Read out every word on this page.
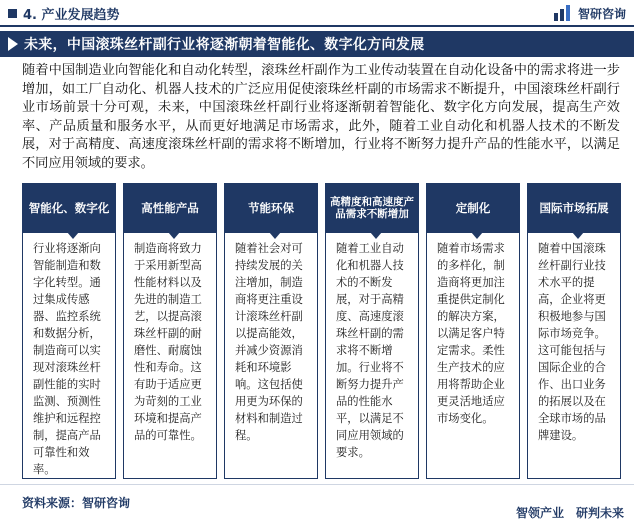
4. 产业发展趋势	智研咨询
未来，中国滚珠丝杆副行业将逐渐朝着智能化、数字化方向发展
随着中国制造业向智能化和自动化转型，滚珠丝杆副作为工业传动装置在自动化设备中的需求将进一步增加，如工厂自动化、机器人技术的广泛应用促使滚珠丝杆副的市场需求不断提升，中国滚珠丝杆副行业市场前景十分可观，未来，中国滚珠丝杆副行业将逐渐朝着智能化、数字化方向发展，提高生产效率、产品质量和服务水平，从而更好地满足市场需求，此外，随着工业自动化和机器人技术的不断发展，对于高精度、高速度滚珠丝杆副的需求将不断增加，行业将不断努力提升产品的性能水平，以满足不同应用领域的要求。
智能化、数字化
行业将逐渐向智能制造和数字化转型。通过集成传感器、监控系统和数据分析，制造商可以实现对滚珠丝杆副性能的实时监测、预测性维护和远程控制，提高产品可靠性和效率。
高性能产品
制造商将致力于采用新型高性能材料以及先进的制造工艺，以提高滚珠丝杆副的耐磨性、耐腐蚀性和寿命。这有助于适应更为苛刻的工业环境和提高产品的可靠性。
节能环保
随着社会对可持续发展的关注增加，制造商将更注重设计滚珠丝杆副以提高能效，并减少资源消耗和环境影响。这包括使用更为环保的材料和制造过程。
高精度和高速度产品需求不断增加
随着工业自动化和机器人技术的不断发展，对于高精度、高速度滚珠丝杆副的需求将不断增加。行业将不断努力提升产品的性能水平，以满足不同应用领域的要求。
定制化
随着市场需求的多样化，制造商将更加注重提供定制化的解决方案，以满足客户特定需求。柔性生产技术的应用将帮助企业更灵活地适应市场变化。
国际市场拓展
随着中国滚珠丝杆副行业技术水平的提高，企业将更积极地参与国际市场竞争。这可能包括与国际企业的合作、出口业务的拓展以及在全球市场的品牌建设。
资料来源：智研咨询
智领产业 研判未来
